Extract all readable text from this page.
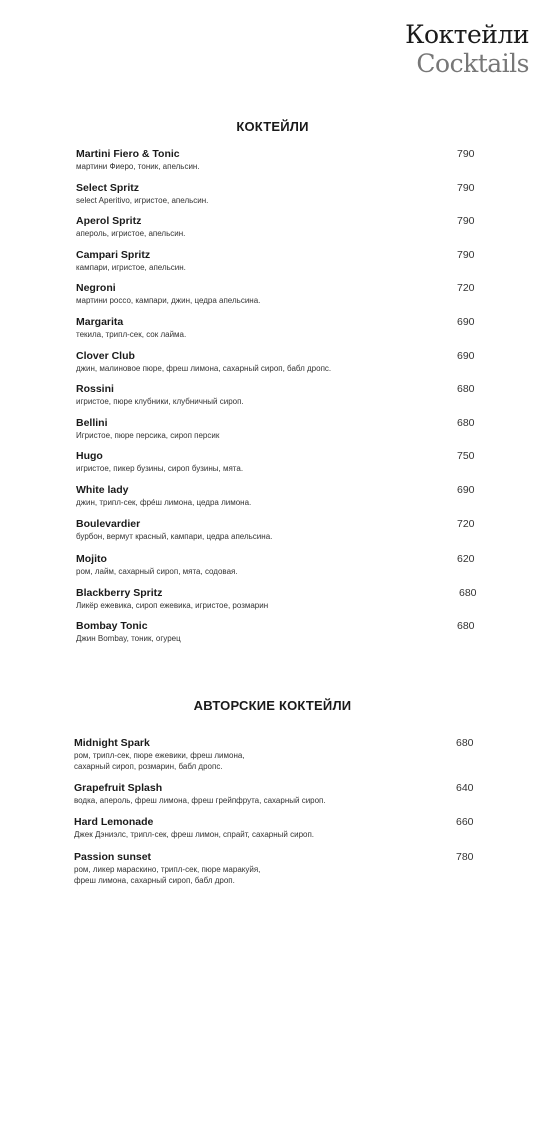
Коктейли
Cocktails
КОКТЕЙЛИ
Martini Fiero & Tonic
мартини Фиеро, тоник, апельсин.
790
Select Spritz
select Aperitivo, игристое, апельсин.
790
Aperol Spritz
апероль, игристое, апельсин.
790
Campari Spritz
кампари, игристое, апельсин.
790
Negroni
мартини россо, кампари, джин, цедра апельсина.
720
Margarita
текила, трипл-сек, сок лайма.
690
Clover Club
джин, малиновое пюре, фреш лимона, сахарный сироп, бабл дропс.
690
Rossini
игристое, пюре клубники, клубничный сироп.
680
Bellini
Игристое, пюре персика, сироп персик
680
Hugo
игристое, пикер бузины, сироп бузины, мята.
750
White lady
джин, трипл-сек, фрéш лимона, цедра лимона.
690
Boulevardier
бурбон, вермут красный, кампари, цедра апельсина.
720
Mojito
ром, лайм, сахарный сироп, мята, содовая.
620
Blackberry Spritz
Ликёр ежевика, сироп ежевика, игристое, розмарин
680
Bombay Tonic
Джин Bombay, тоник, огурец
680
АВТОРСКИЕ КОКТЕЙЛИ
Midnight Spark
ром, трипл-сек, пюре ежевики, фреш лимона,
сахарный сироп, розмарин, бабл дропс.
680
Grapefruit Splash
водка, апероль, фреш лимона, фреш грейпфрута, сахарный сироп.
640
Hard Lemonade
Джек Дэниэлс, трипл-сек, фреш лимон, спрайт, сахарный сироп.
660
Passion sunset
ром, ликер мараскино, трипл-сек, пюре маракуйя,
фреш лимона, сахарный сироп, бабл дроп.
780
